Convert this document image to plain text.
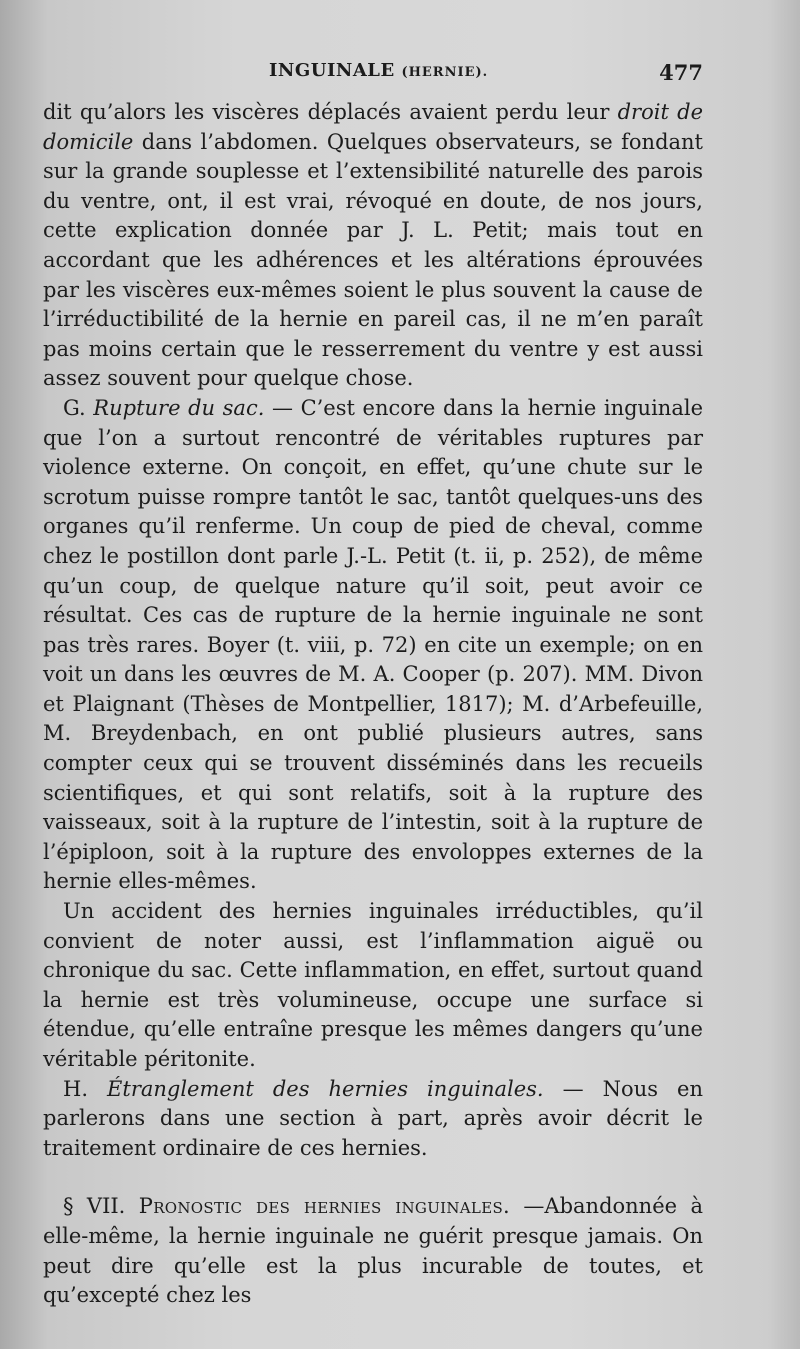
INGUINALE (HERNIE).	477

dit qu’alors les viscères déplacés avaient perdu leur droit de domicile dans l’abdomen. Quelques observateurs, se fondant sur la grande souplesse et l’extensibilité naturelle des parois du ventre, ont, il est vrai, révoqué en doute, de nos jours, cette explication donnée par J. L. Petit; mais tout en accordant que les adhérences et les altérations éprouvées par les viscères eux-mêmes soient le plus souvent la cause de l’irréductibilité de la hernie en pareil cas, il ne m’en paraît pas moins certain que le resserrement du ventre y est aussi assez souvent pour quelque chose.

G. Rupture du sac. — C’est encore dans la hernie inguinale que l’on a surtout rencontré de véritables ruptures par violence externe. On conçoit, en effet, qu’une chute sur le scrotum puisse rompre tantôt le sac, tantôt quelques-uns des organes qu’il renferme. Un coup de pied de cheval, comme chez le postillon dont parle J.-L. Petit (t. ii, p. 252), de même qu’un coup, de quelque nature qu’il soit, peut avoir ce résultat. Ces cas de rupture de la hernie inguinale ne sont pas très rares. Boyer (t. viii, p. 72) en cite un exemple; on en voit un dans les œuvres de M. A. Cooper (p. 207). MM. Divon et Plaignant (Thèses de Montpellier, 1817); M. d’Arbefeuille, M. Breydenbach, en ont publié plusieurs autres, sans compter ceux qui se trouvent disséminés dans les recueils scientifiques, et qui sont relatifs, soit à la rupture des vaisseaux, soit à la rupture de l’intestin, soit à la rupture de l’épiploon, soit à la rupture des envoloppes externes de la hernie elles-mêmes.

Un accident des hernies inguinales irréductibles, qu’il convient de noter aussi, est l’inflammation aiguë ou chronique du sac. Cette inflammation, en effet, surtout quand la hernie est très volumineuse, occupe une surface si étendue, qu’elle entraîne presque les mêmes dangers qu’une véritable péritonite.

H. Étranglement des hernies inguinales. — Nous en parlerons dans une section à part, après avoir décrit le traitement ordinaire de ces hernies.

§ VII. Pronostic des hernies inguinales. —Abandonnée à elle-même, la hernie inguinale ne guérit presque jamais. On peut dire qu’elle est la plus incurable de toutes, et qu’excepté chez les
